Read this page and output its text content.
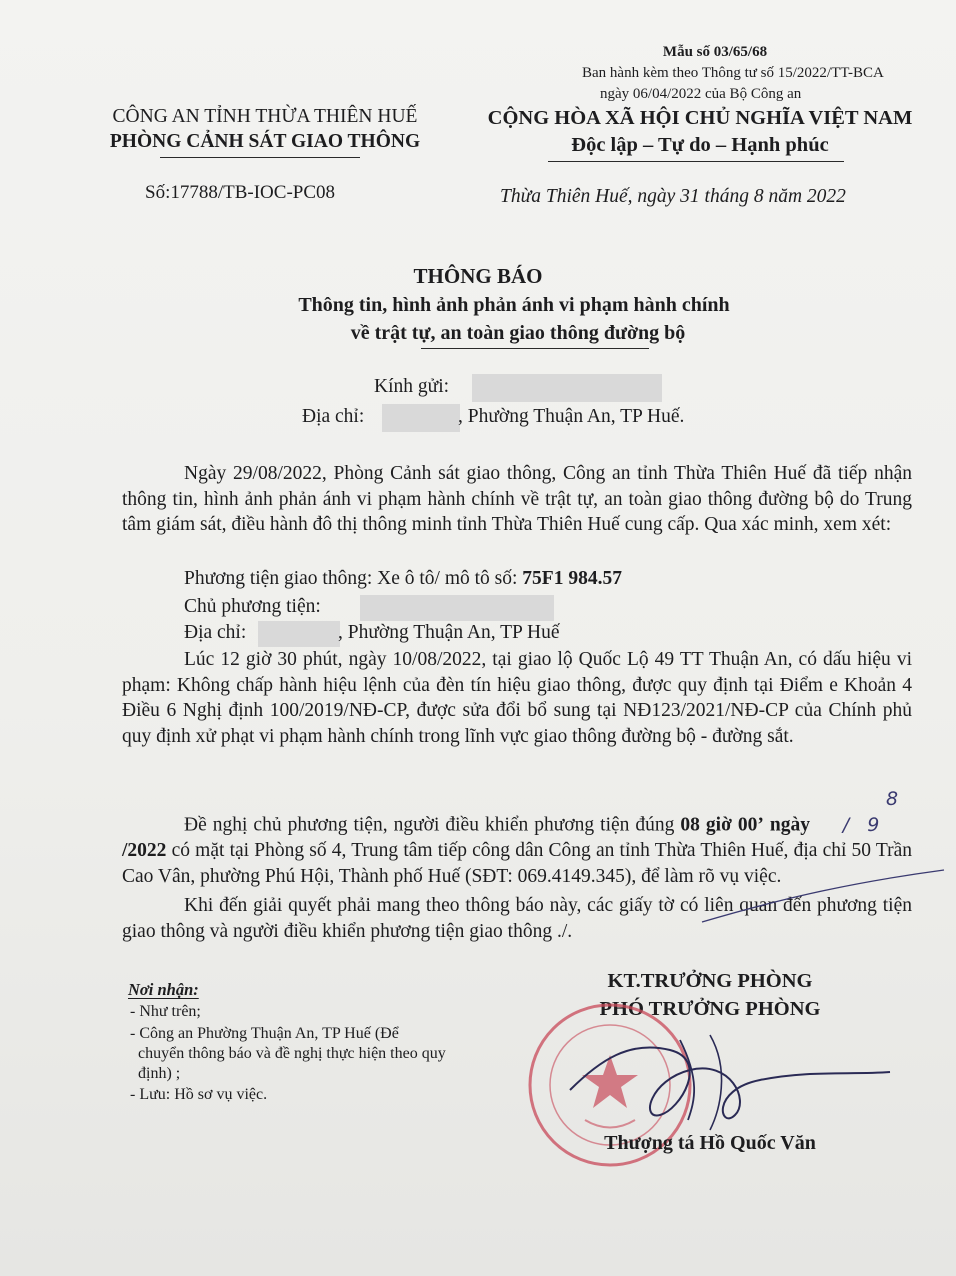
Mẫu số 03/65/68
Ban hành kèm theo Thông tư số 15/2022/TT-BCA
ngày 06/04/2022 của Bộ Công an
CÔNG AN TỈNH THỪA THIÊN HUẾ
PHÒNG CẢNH SÁT GIAO THÔNG
Số:17788/TB-IOC-PC08
CỘNG HÒA XÃ HỘI CHỦ NGHĨA VIỆT NAM
Độc lập – Tự do – Hạnh phúc
Thừa Thiên Huế, ngày 31 tháng 8 năm 2022
THÔNG BÁO
Thông tin, hình ảnh phản ánh vi phạm hành chính
về trật tự, an toàn giao thông đường bộ
Kính gửi:
Địa chỉ:	, Phường Thuận An, TP Huế.
Ngày 29/08/2022, Phòng Cảnh sát giao thông, Công an tỉnh Thừa Thiên Huế đã tiếp nhận thông tin, hình ảnh phản ánh vi phạm hành chính về trật tự, an toàn giao thông đường bộ do Trung tâm giám sát, điều hành đô thị thông minh tỉnh Thừa Thiên Huế cung cấp. Qua xác minh, xem xét:
Phương tiện giao thông: Xe ô tô/ mô tô số: 75F1 984.57
Chủ phương tiện:
Địa chỉ:	, Phường Thuận An, TP Huế
Lúc 12 giờ 30 phút, ngày 10/08/2022, tại giao lộ Quốc Lộ 49 TT Thuận An, có dấu hiệu vi phạm: Không chấp hành hiệu lệnh của đèn tín hiệu giao thông, được quy định tại Điểm e Khoản 4 Điều 6 Nghị định 100/2019/NĐ-CP, được sửa đổi bổ sung tại NĐ123/2021/NĐ-CP của Chính phủ quy định xử phạt vi phạm hành chính trong lĩnh vực giao thông đường bộ - đường sắt.
Đề nghị chủ phương tiện, người điều khiển phương tiện đúng 08 giờ 00’ ngày 8 / 9/2022 có mặt tại Phòng số 4, Trung tâm tiếp công dân Công an tỉnh Thừa Thiên Huế, địa chỉ 50 Trần Cao Vân, phường Phú Hội, Thành phố Huế (SĐT: 069.4149.345), để làm rõ vụ việc.
Khi đến giải quyết phải mang theo thông báo này, các giấy tờ có liên quan đến phương tiện giao thông và người điều khiển phương tiện giao thông ./.
Nơi nhận:
- Như trên;
- Công an Phường Thuận An, TP Huế (Để
chuyển thông báo và đề nghị thực hiện theo quy
định) ;
- Lưu: Hồ sơ vụ việc.
KT.TRƯỞNG PHÒNG
PHÓ TRƯỞNG PHÒNG
Thượng tá Hồ Quốc Văn
